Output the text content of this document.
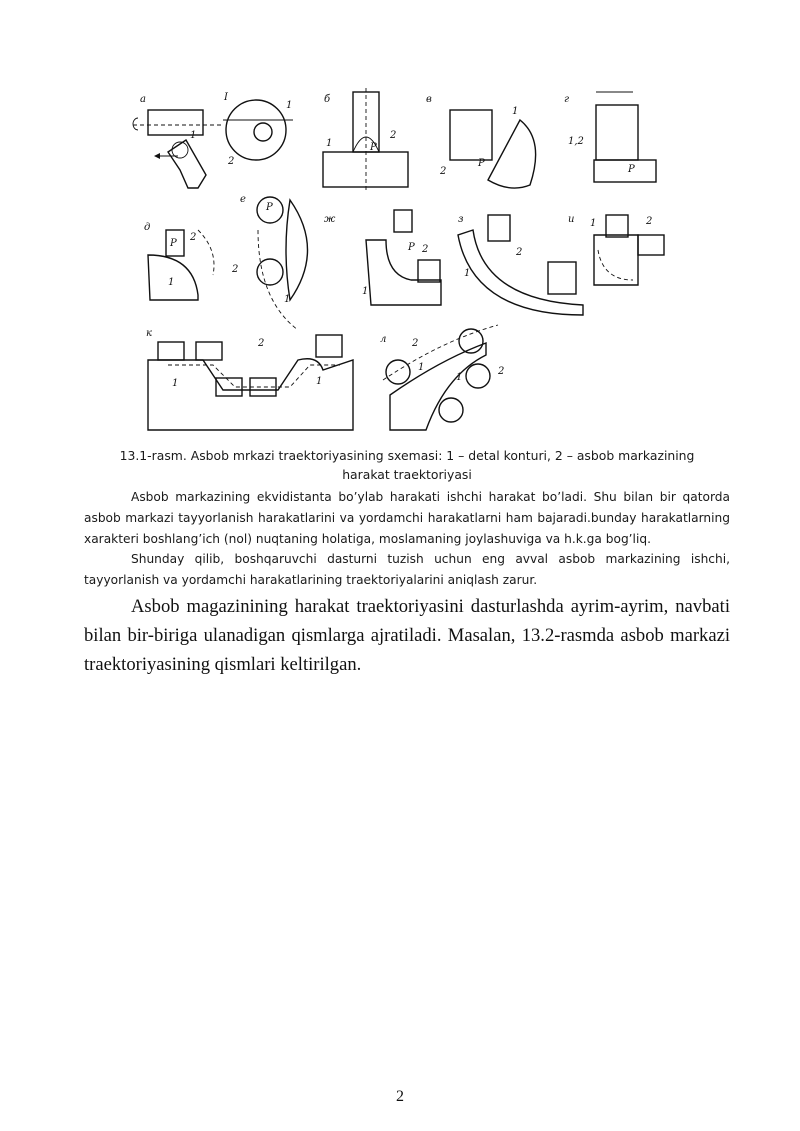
а
1
I
1
2
б
1
2
P
в
1
2
P
г
1,2
P
д
P
1
2
е
P
2
1
ж
P 2
1
з
2
1
и 1	2
к
2
1	1
л	2
2
1
1
13.1-rasm. Asbob mrkazi traektoriyasining sxemasi: 1 – detal konturi, 2 – asbob markazining harakat traektoriyasi

Asbob markazining ekvidistanta bo’ylab harakati ishchi harakat bo’ladi. Shu bilan bir qatorda asbob markazi tayyorlanish harakatlarini va yordamchi harakatlarni ham bajaradi.bunday harakatlarning xarakteri boshlang’ich (nol) nuqtaning holatiga, moslamaning joylashuviga va h.k.ga bog’liq.

Shunday qilib, boshqaruvchi dasturni tuzish uchun eng avval asbob markazining ishchi, tayyorlanish va yordamchi harakatlarining traektoriyalarini aniqlash zarur.

Asbob magazinining harakat traektoriyasini dasturlashda ayrim-ayrim, navbati bilan bir-biriga ulanadigan qismlarga ajratiladi. Masalan, 13.2-rasmda asbob markazi traektoriyasining qismlari keltirilgan.

2
